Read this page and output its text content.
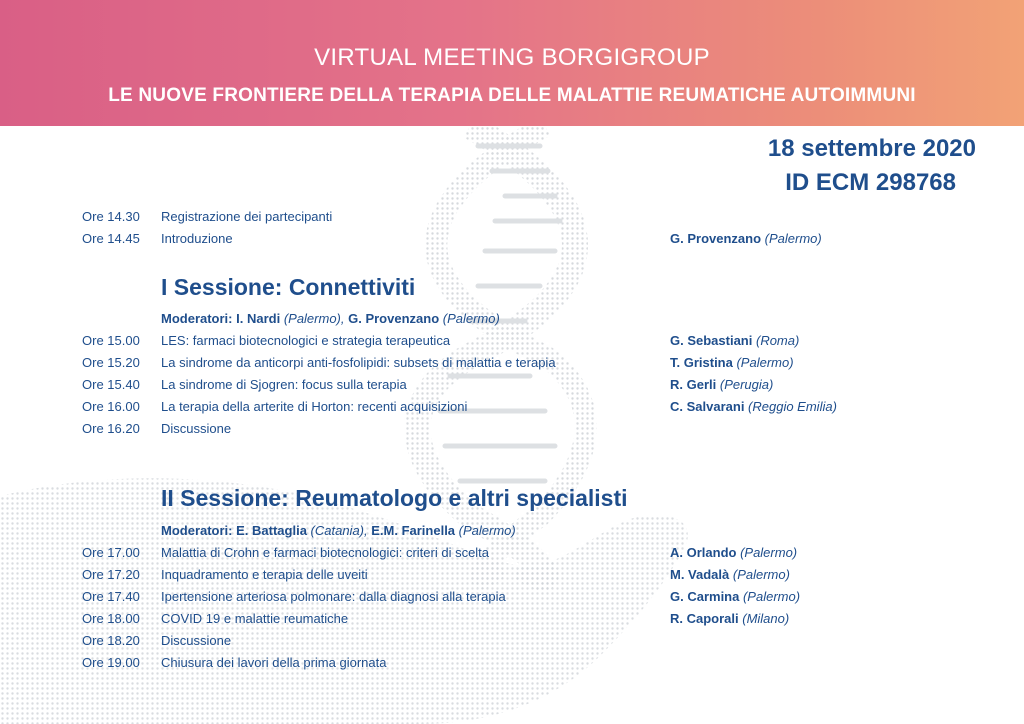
VIRTUAL MEETING BORGIGROUP
LE NUOVE FRONTIERE DELLA TERAPIA DELLE MALATTIE REUMATICHE AUTOIMMUNI
18 settembre 2020
ID ECM 298768
Ore 14.30 Registrazione dei partecipanti
Ore 14.45 Introduzione	G. Provenzano (Palermo)
I Sessione: Connettiviti
Moderatori: I. Nardi (Palermo), G. Provenzano (Palermo)
Ore 15.00 LES: farmaci biotecnologici e strategia terapeutica	G. Sebastiani (Roma)
Ore 15.20 La sindrome da anticorpi anti-fosfolipidi: subsets di malattia e terapia	T. Gristina (Palermo)
Ore 15.40 La sindrome di Sjogren: focus sulla terapia	R. Gerli (Perugia)
Ore 16.00 La terapia della arterite di Horton: recenti acquisizioni	C. Salvarani (Reggio Emilia)
Ore 16.20 Discussione
II Sessione: Reumatologo e altri specialisti
Moderatori: E. Battaglia (Catania), E.M. Farinella (Palermo)
Ore 17.00 Malattia di Crohn e farmaci biotecnologici: criteri di scelta	A. Orlando (Palermo)
Ore 17.20 Inquadramento e terapia delle uveiti	M. Vadalà (Palermo)
Ore 17.40 Ipertensione arteriosa polmonare: dalla diagnosi alla terapia	G. Carmina (Palermo)
Ore 18.00 COVID 19 e malattie reumatiche	R. Caporali (Milano)
Ore 18.20 Discussione
Ore 19.00 Chiusura dei lavori della prima giornata
